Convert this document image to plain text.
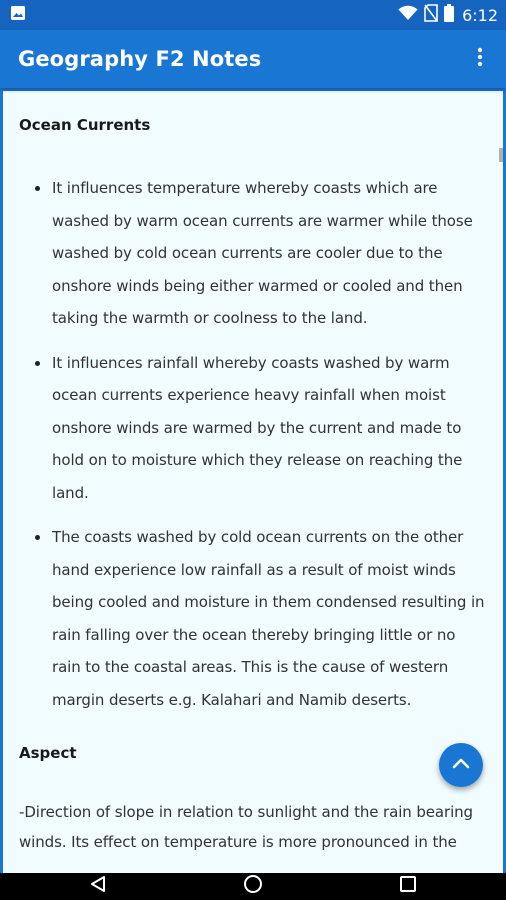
6:12
Geography F2 Notes
Ocean Currents
It influences temperature whereby coasts which are washed by warm ocean currents are warmer while those washed by cold ocean currents are cooler due to the onshore winds being either warmed or cooled and then taking the warmth or coolness to the land.
It influences rainfall whereby coasts washed by warm ocean currents experience heavy rainfall when moist onshore winds are warmed by the current and made to hold on to moisture which they release on reaching the land.
The coasts washed by cold ocean currents on the other hand experience low rainfall as a result of moist winds being cooled and moisture in them condensed resulting in rain falling over the ocean thereby bringing little or no rain to the coastal areas. This is the cause of western margin deserts e.g. Kalahari and Namib deserts.
Aspect
-Direction of slope in relation to sunlight and the rain bearing winds. Its effect on temperature is more pronounced in the
